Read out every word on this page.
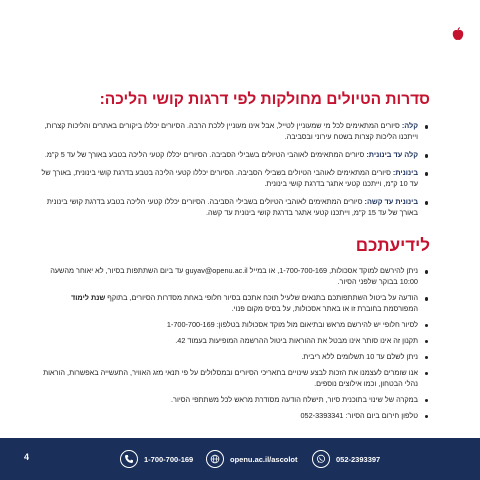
סדרות הטיולים מחולקות לפי דרגות קושי הליכה:
קלה: סיורים המתאימים לכל מי שמעוניין לטייל, אבל אינו מעוניין ללכת הרבה. הסיורים יכללו ביקורים באתרים והליכות קצרות, וייתכנו הליכות קצרות בשטח עירוני ובסביבה.
קלה עד בינונית: סיורים המתאימים לאוהבי הטיולים בשבילי הסביבה. הסיורים יכללו קטעי הליכה בטבע באורך של עד 5 ק"מ.
בינונית: סיורים המתאימים לאוהבי הטיולים בשבילי הסביבה. הסיורים יכללו קטעי הליכה בטבע בדרגת קושי בינונית, באורך של עד 10 ק"מ, וייתכנו קטעי אתגר בדרגת קושי בינונית.
בינונית עד קשה: סיורים המתאימים לאוהבי הטיולים בשבילי הסביבה. הסיורים יכללו קטעי הליכה בטבע בדרגת קושי בינונית באורך של עד 15 ק"מ, וייתכנו קטעי אתגר בדרגת קושי בינונית עד קשה.
לידיעתכם
ניתן להירשם למוקד אסכולות, 1-700-700-169, או במייל guyav@openu.ac.il עד ביום השתתפות בסיור, לא יאוחר מהשעה 10:00 בבוקר שלפני הסיור.
הודעה על ביטול השתתפותכם בתנאים שלעיל תוכח אתכם בסיור חלופי באחת מסדרות הסיורים, בתוקף שנת לימוד המפורסמת בחוברת זו או באתר אסכולות, על בסיס מקום פנוי.
לסיור חלופי יש להירשם מראש ובתיאום מול מוקד אסכולות בטלפון: 1-700-700-169
תקנון זה אינו סותר אינו מבטל את ההוראות ביטול ההרשמה המופיעות בעמוד 42.
ניתן לשלם עד 10 תשלומים ללא ריבית.
אנו שומרים לעצמנו את הזכות לבצע שינויים בתאריכי הסיורים ובמסלולים על פי תנאי מזג האוויר, התעשייה באפשרות, הוראות נהלי הבטחון, וכמו אילוצים נוספים.
במקרה של שינוי בתוכנית סיור, תישלח הודעה מסודרת מראש לכל משתתפי הסיור.
טלפון חירום ביום הסיור: 052-3393341
4	1-700-700-169	openu.ac.il/ascolot	052-2393397
